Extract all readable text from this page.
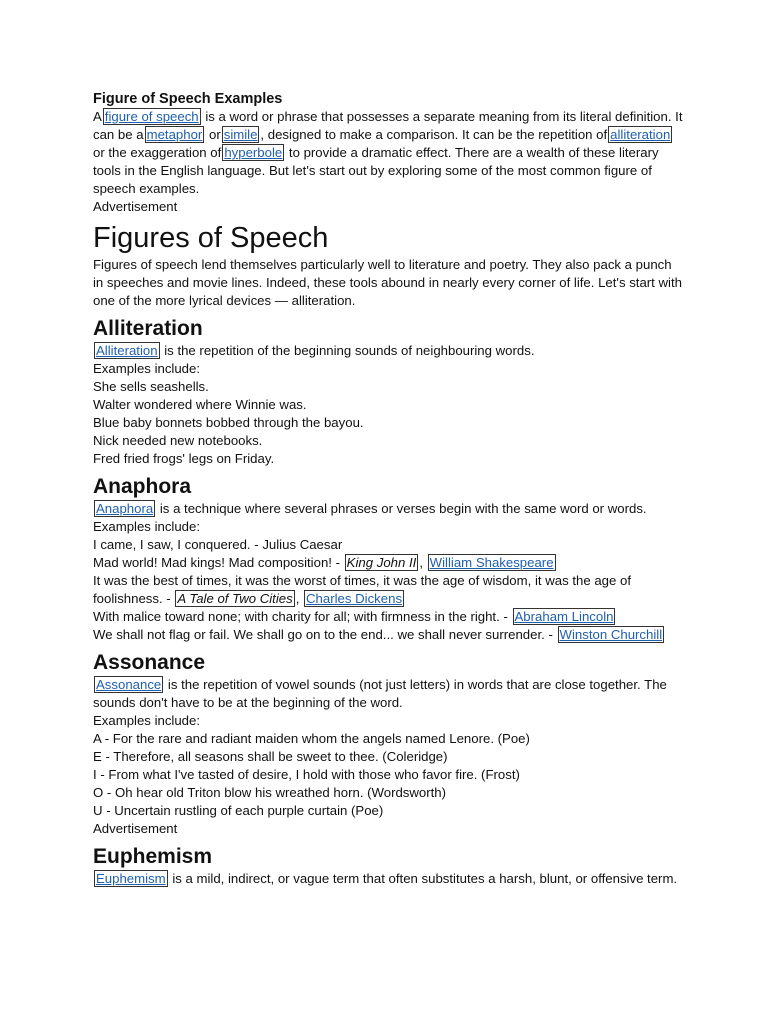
Figure of Speech Examples

A figure of speech is a word or phrase that possesses a separate meaning from its literal definition. It can be a metaphor or simile , designed to make a comparison. It can be the repetition of alliteration or the exaggeration of hyperbole to provide a dramatic effect. There are a wealth of these literary tools in the English language. But let's start out by exploring some of the most common figure of speech examples.

Advertisement

Figures of Speech

Figures of speech lend themselves particularly well to literature and poetry. They also pack a punch in speeches and movie lines. Indeed, these tools abound in nearly every corner of life. Let's start with one of the more lyrical devices — alliteration.

Alliteration

Alliteration is the repetition of the beginning sounds of neighbouring words.

Examples include:

She sells seashells.

Walter wondered where Winnie was.

Blue baby bonnets bobbed through the bayou.

Nick needed new notebooks.

Fred fried frogs' legs on Friday.

Anaphora

Anaphora is a technique where several phrases or verses begin with the same word or words.

Examples include:

I came, I saw, I conquered. - Julius Caesar

Mad world! Mad kings! Mad composition! - King John II , William Shakespeare

It was the best of times, it was the worst of times, it was the age of wisdom, it was the age of foolishness. - A Tale of Two Cities , Charles Dickens

With malice toward none; with charity for all; with firmness in the right. - Abraham Lincoln

We shall not flag or fail. We shall go on to the end... we shall never surrender. - Winston Churchill

Assonance

Assonance is the repetition of vowel sounds (not just letters) in words that are close together. The sounds don't have to be at the beginning of the word.

Examples include:

A - For the rare and radiant maiden whom the angels named Lenore. (Poe)

E - Therefore, all seasons shall be sweet to thee. (Coleridge)

I - From what I've tasted of desire, I hold with those who favor fire. (Frost)

O - Oh hear old Triton blow his wreathed horn. (Wordsworth)

U - Uncertain rustling of each purple curtain (Poe)

Advertisement

Euphemism

Euphemism is a mild, indirect, or vague term that often substitutes a harsh, blunt, or offensive term.
